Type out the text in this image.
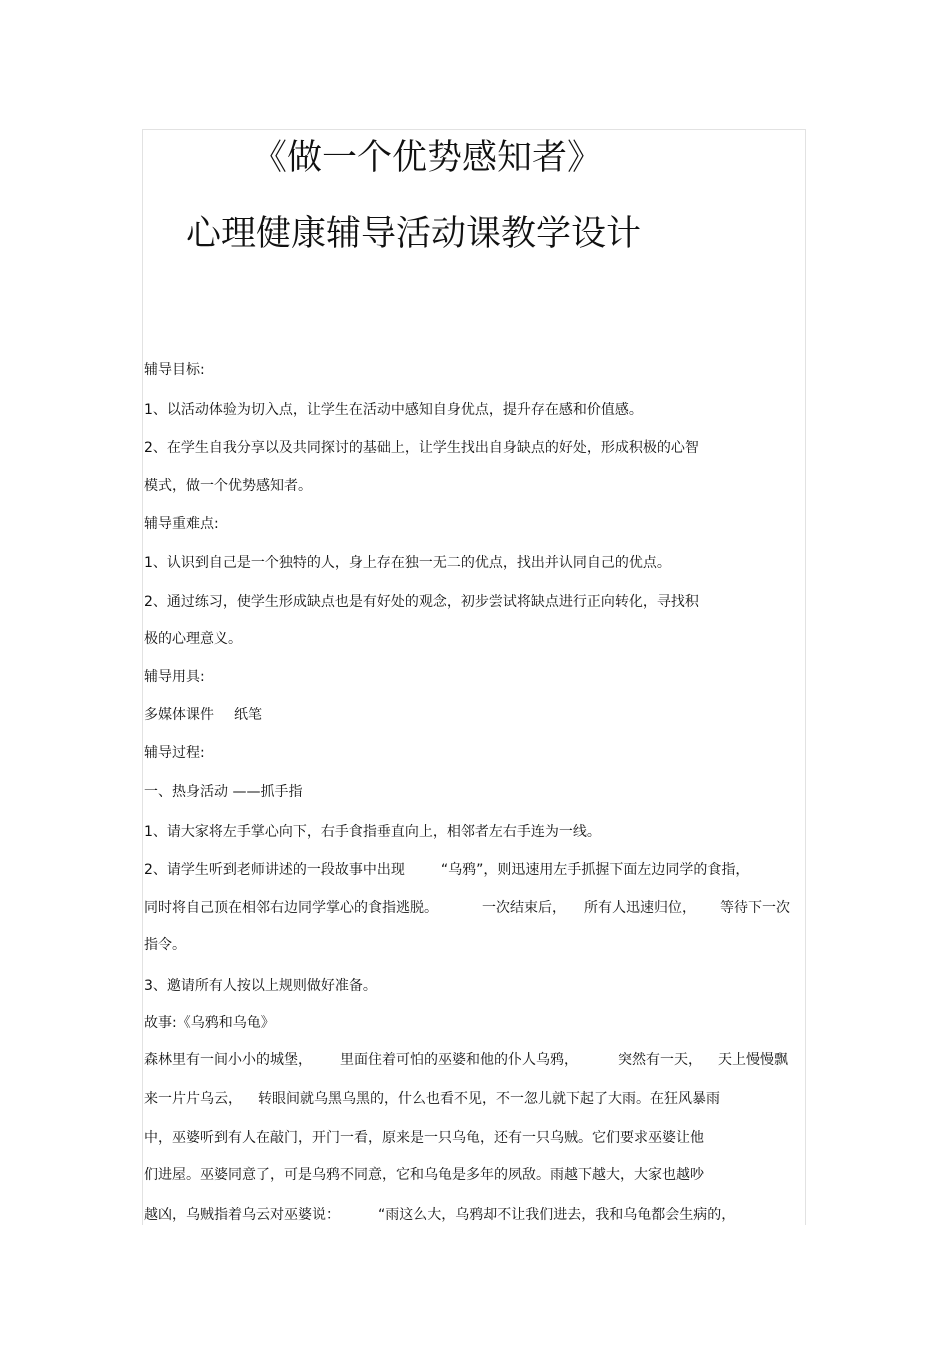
《做一个优势感知者》
心理健康辅导活动课教学设计
辅导目标:
1、以活动体验为切入点，让学生在活动中感知自身优点，提升存在感和价值感。
2、在学生自我分享以及共同探讨的基础上，让学生找出自身缺点的好处，形成积极的心智
模式，做一个优势感知者。
辅导重难点:
1、认识到自己是一个独特的人，身上存在独一无二的优点，找出并认同自己的优点。
2、通过练习，使学生形成缺点也是有好处的观念，初步尝试将缺点进行正向转化，寻找积
极的心理意义。
辅导用具:
多媒体课件 纸笔
辅导过程:
一、热身活动 ——抓手指
1、请大家将左手掌心向下，右手食指垂直向上，相邻者左右手连为一线。
2、请学生听到老师讲述的一段故事中出现	“乌鸦”，则迅速用左手抓握下面左边同学的食指，
同时将自己顶在相邻右边同学掌心的食指逃脱。	一次结束后， 所有人迅速归位， 等待下一次
指令。
3、邀请所有人按以上规则做好准备。
故事:《乌鸦和乌龟》
森林里有一间小小的城堡， 里面住着可怕的巫婆和他的仆人乌鸦，	突然有一天， 天上慢慢飘
来一片片乌云， 转眼间就乌黑乌黑的，什么也看不见，不一忽儿就下起了大雨。在狂风暴雨
中，巫婆听到有人在敲门，开门一看，原来是一只乌龟，还有一只乌贼。它们要求巫婆让他
们进屋。巫婆同意了，可是乌鸦不同意，它和乌龟是多年的夙敌。雨越下越大，大家也越吵
越凶，乌贼指着乌云对巫婆说：	“雨这么大，乌鸦却不让我们进去，我和乌龟都会生病的，
